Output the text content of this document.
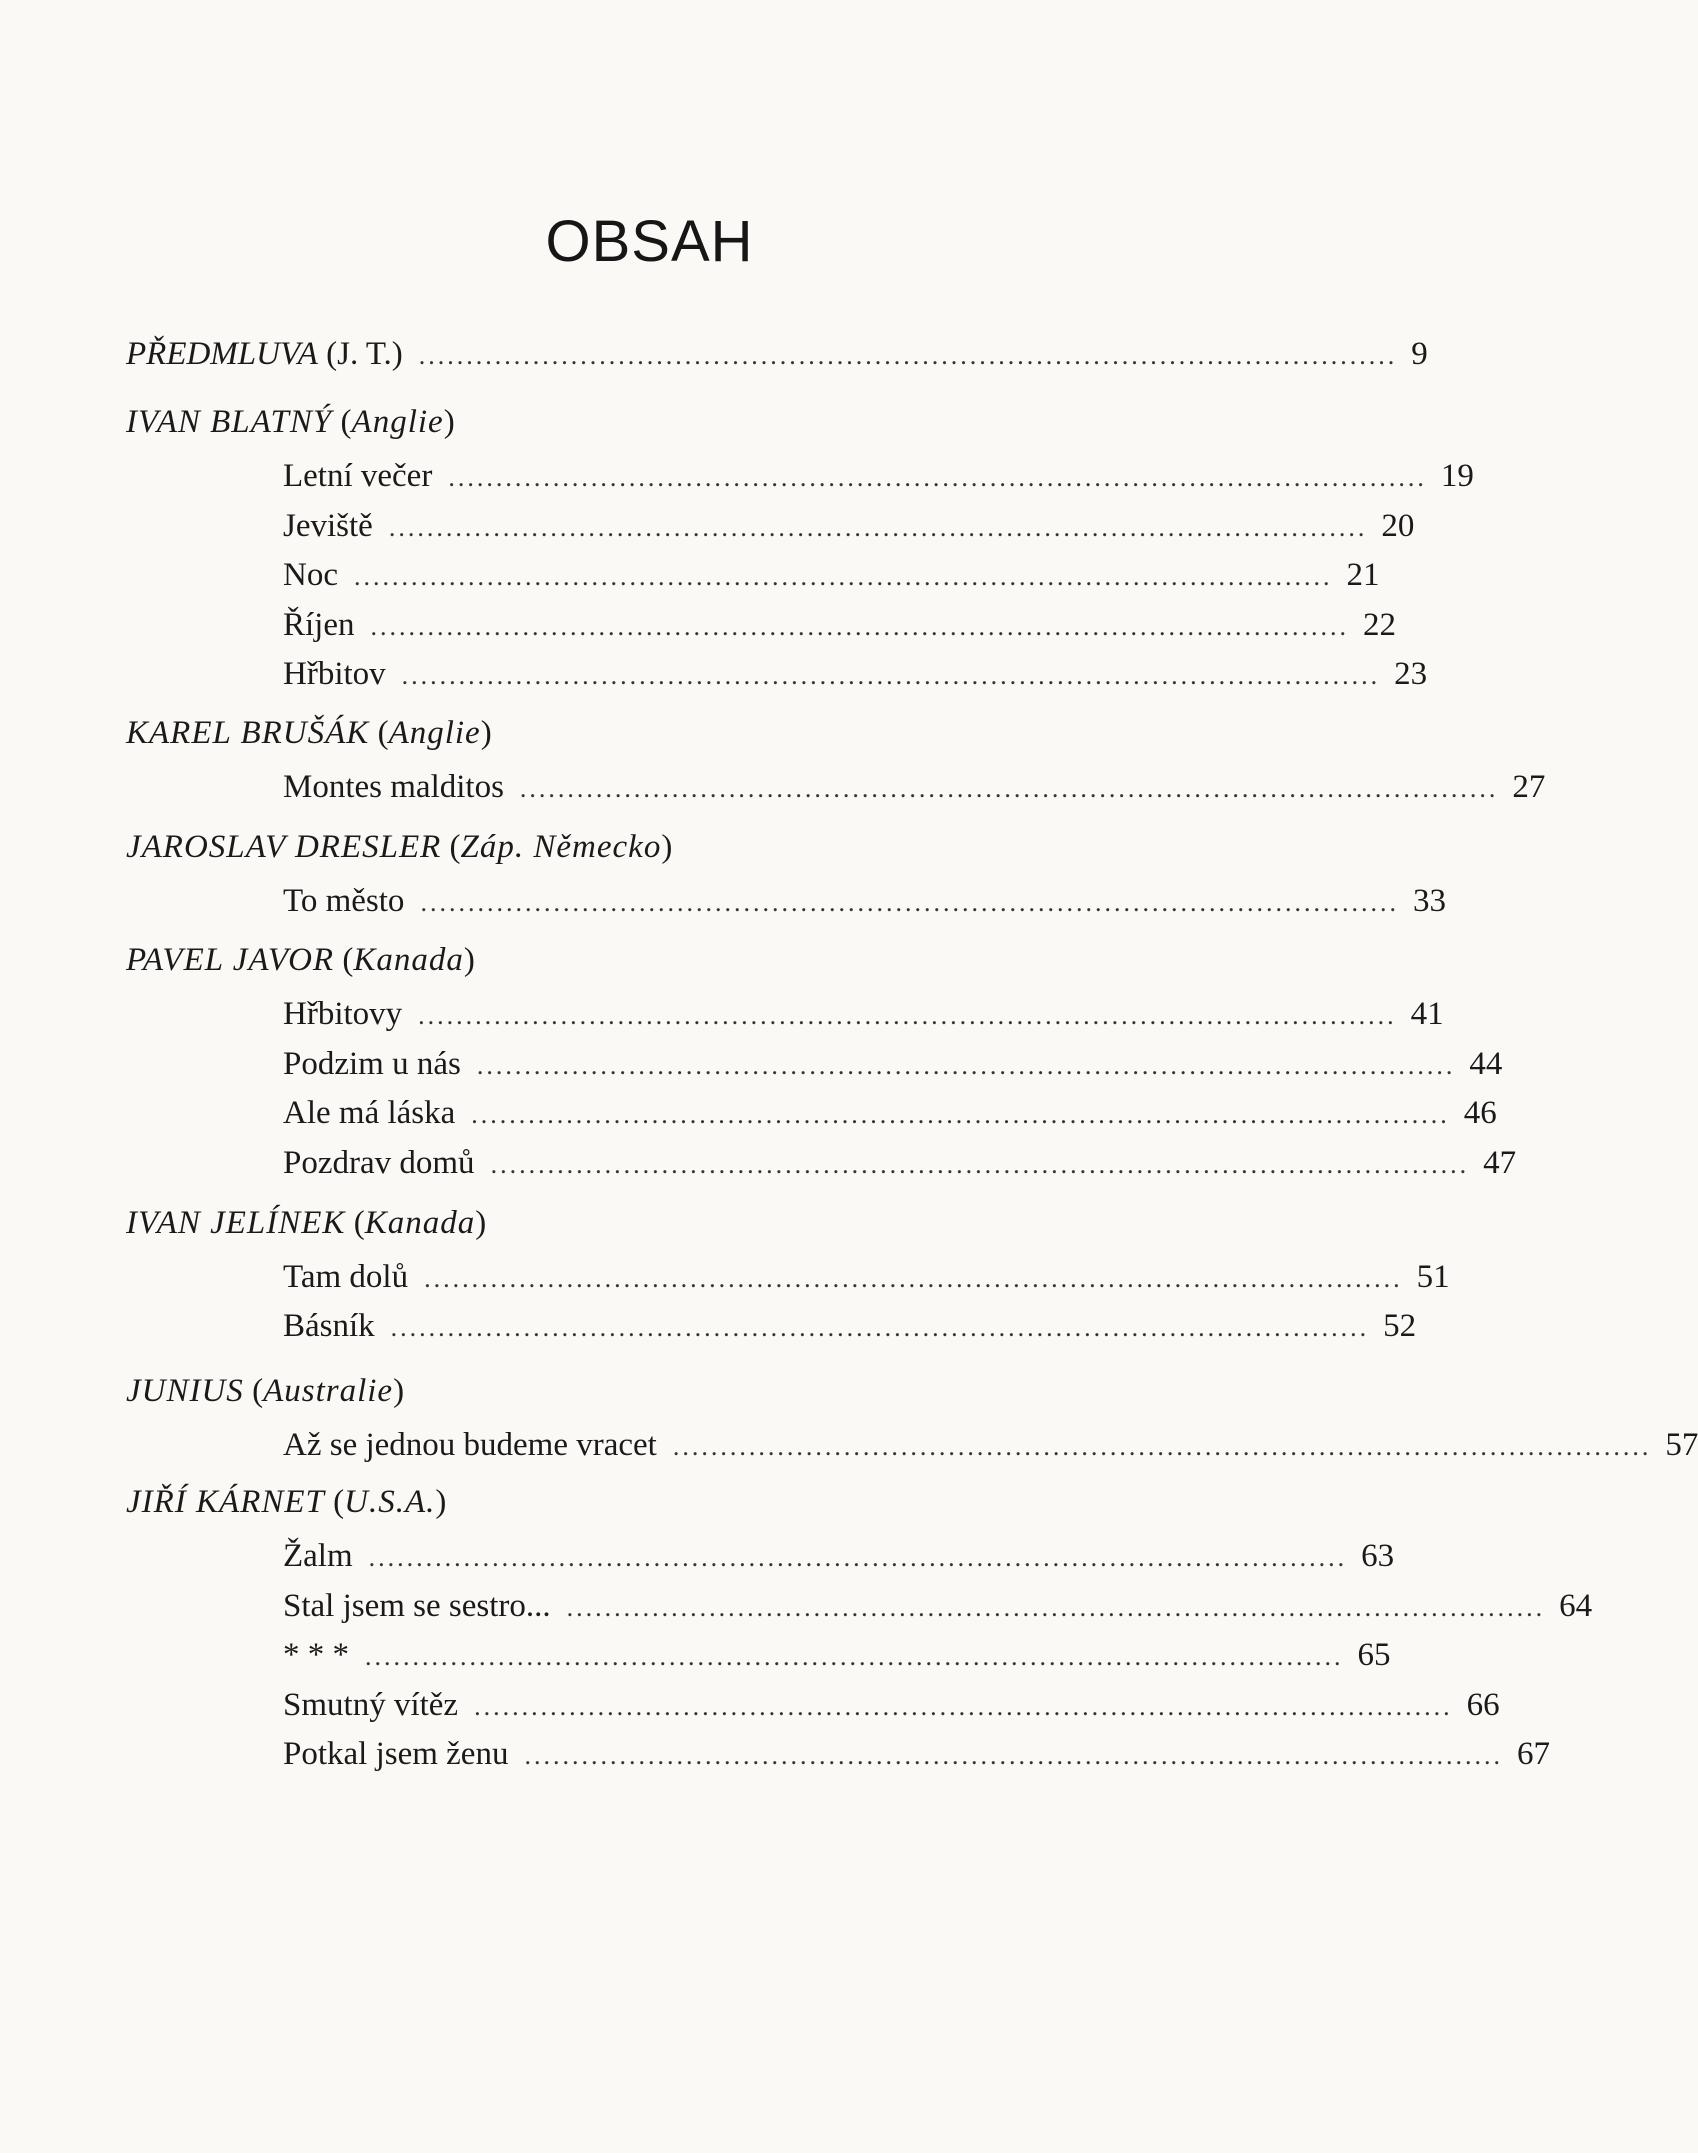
OBSAH
PŘEDMLUVA (J. T.) ....................................................................................................... 9
IVAN BLATNÝ (Anglie)
Letní večer ....................................................................................................... 19
Jeviště ....................................................................................................... 20
Noc ....................................................................................................... 21
Říjen ....................................................................................................... 22
Hřbitov ....................................................................................................... 23
KAREL BRUŠÁK (Anglie)
Montes malditos ....................................................................................................... 27
JAROSLAV DRESLER (Záp. Německo)
To město ....................................................................................................... 33
PAVEL JAVOR (Kanada)
Hřbitovy ....................................................................................................... 41
Podzim u nás ....................................................................................................... 44
Ale má láska ....................................................................................................... 46
Pozdrav domů ....................................................................................................... 47
IVAN JELÍNEK (Kanada)
Tam dolů ....................................................................................................... 51
Básník ....................................................................................................... 52
JUNIUS (Australie)
Až se jednou budeme vracet ....................................................................................................... 57
JIŘÍ KÁRNET (U.S.A.)
Žalm ....................................................................................................... 63
Stal jsem se sestro... ....................................................................................................... 64
* * * ....................................................................................................... 65
Smutný vítěz ....................................................................................................... 66
Potkal jsem ženu ....................................................................................................... 67
